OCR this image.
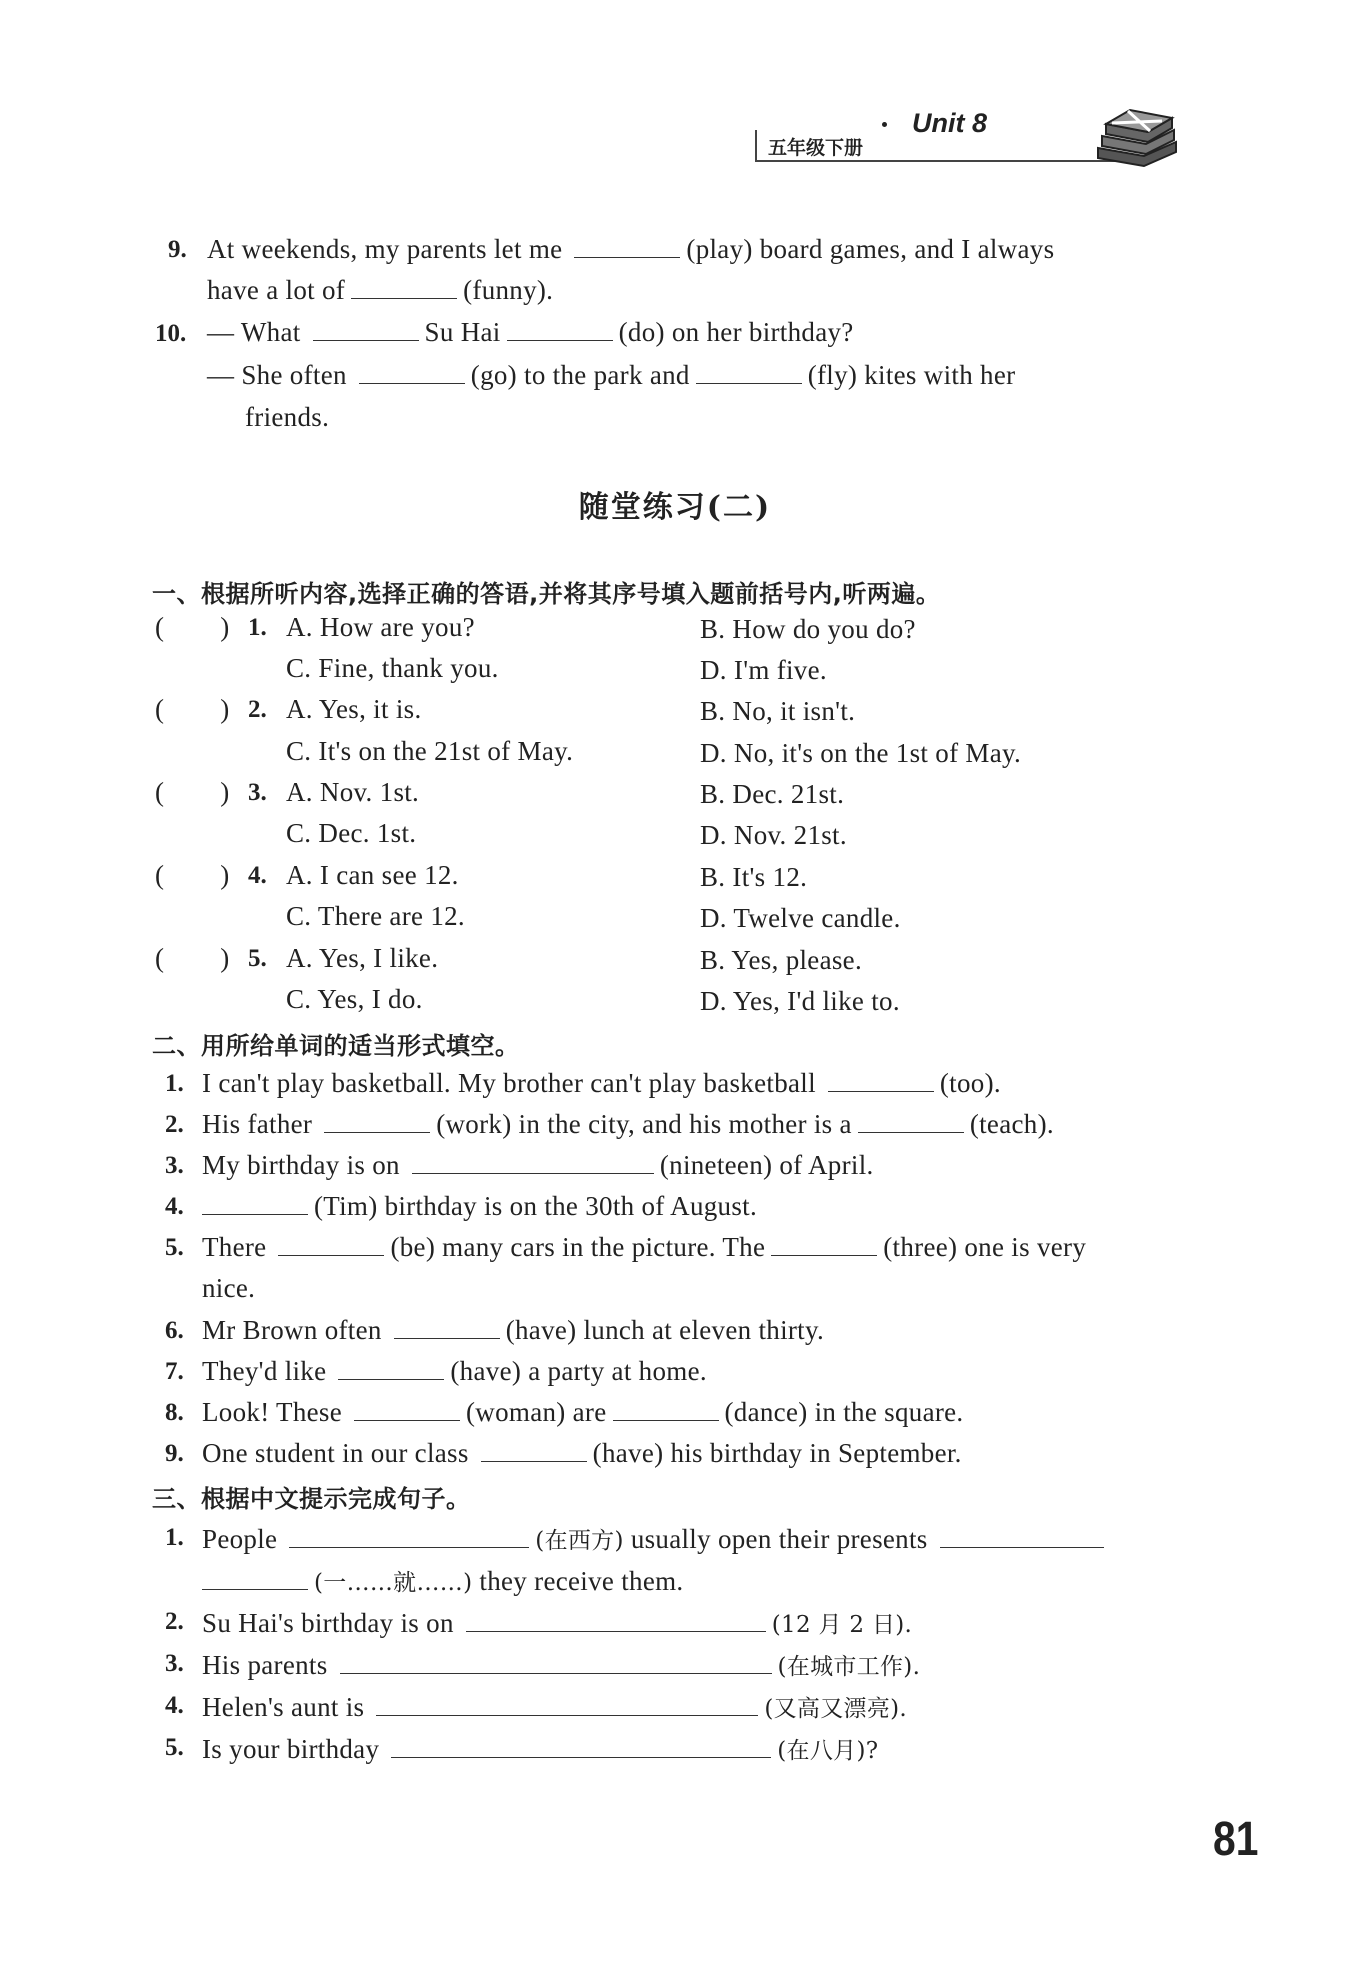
Unit 8
五年级下册
9. At weekends, my parents let me	(play) board games, and I always
have a lot of	(funny).
10. — What	Su Hai	(do) on her birthday?
— She often	(go) to the park and	(fly) kites with her
friends.
随堂练习(二)
一、根据所听内容,选择正确的答语,并将其序号填入题前括号内,听两遍。
( ) 1. A. How are you?	B. How do you do?
C. Fine, thank you.	D. I'm five.
( ) 2. A. Yes, it is.	B. No, it isn't.
C. It's on the 21st of May.	D. No, it's on the 1st of May.
( ) 3. A. Nov. 1st.	B. Dec. 21st.
C. Dec. 1st.	D. Nov. 21st.
( ) 4. A. I can see 12.	B. It's 12.
C. There are 12.	D. Twelve candle.
( ) 5. A. Yes, I like.	B. Yes, please.
C. Yes, I do.	D. Yes, I'd like to.
二、用所给单词的适当形式填空。
1. I can't play basketball. My brother can't play basketball	(too).
2. His father	(work) in the city, and his mother is a	(teach).
3. My birthday is on	(nineteen) of April.
4.	(Tim) birthday is on the 30th of August.
5. There	(be) many cars in the picture. The	(three) one is very
nice.
6. Mr Brown often	(have) lunch at eleven thirty.
7. They'd like	(have) a party at home.
8. Look! These	(woman) are	(dance) in the square.
9. One student in our class	(have) his birthday in September.
三、根据中文提示完成句子。
1. People	(在西方) usually open their presents
(一……就……) they receive them.
2. Su Hai's birthday is on	(12 月 2 日).
3. His parents	(在城市工作).
4. Helen's aunt is	(又高又漂亮).
5. Is your birthday	(在八月)?
81
